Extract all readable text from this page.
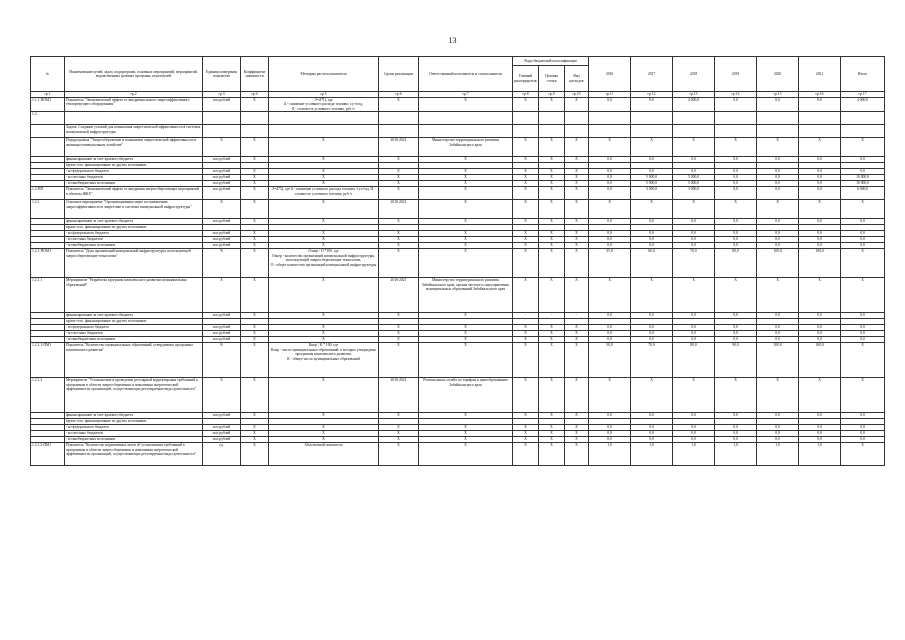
13
№	Наименование целей, задач, подпрограмм, основных мероприятий, мероприятий, ведомственных целевых программ, показателей	Единица измерения показателя	Коэффициент значимости	Методика расчета показателя	Сроки реализации	Ответственный исполнитель и соисполнители	Коды бюджетной классификации			2016	2017	2018	2019	2020	2021	Итого
							Главный распорядитель	Целевая статья	Вид расходов							
гр.1	гр.2	гр.3	гр.4	гр.5	гр.6	гр.7	гр.8	гр.9	гр.10	гр.11	гр.12	гр.13	гр.14	гр.15	гр.16	гр.17
1.1.1-ПОМ1	Показатель "Экономический эффект от внедрения нового энергоэффективного теплорежущего оборудования"	тыс.рублей	Х	Э=Δ*Ц, где
Δ - снижение условного расхода топлива, т.у.т/год,
Ц - стоимость условного топлива, руб./т.	Х	Х	Х	Х	Х	0,0	0,0	4 000,0	0,0	0,0	0,0	4 000,0
1.2.																
	Задача: Создание условий для повышения энергетической эффективности в системах коммунальной инфраструктуры															
	Подпрограмма "Энергосбережение и повышение энергетической эффективности в жилищно-коммунальном хозяйстве"	Х	Х	Х	2016-2021	Министерство территориального развития Забайкальского края	Х	Х	Х	Х	Х	Х	Х	Х	Х	Х
	финансирование за счет краевого бюджета	тыс.рублей	Х	Х	Х	Х	Х	Х	Х	0,0	0,0	0,0	0,0	0,0	0,0	0,0
	кроме того, финансирование из других источников:															
	- из федерального бюджета	тыс.рублей	Х	Х	Х	Х	Х	Х	Х	0,0	0,0	0,0	0,0	0,0	0,0	0,0
	- из местных бюджетов	тыс.рублей	Х	Х	Х	Х	Х	Х	Х	0,0	5 000,0	5 000,0	0,0	0,0	0,0	10 000,0
	- из внебюджетных источников	тыс.рублей	Х	Х	Х	Х	Х	Х	Х	0,0	5 000,0	5 000,0	0,0	0,0	0,0	10 000,0
1.2-ПП	Показатель "Экономический эффект от внедрения энергосберегающих мероприятий в объекты ЖКХ"	тыс.рублей	Х	Э=Δ*Ц, где Δ - снижение условного расхода топлива, т.у.т/год, Ц - стоимость условного топлива, руб./т	Х	Х	Х	Х	Х	0,0	3 000,0	3 000,0	0,0	0,0	0,0	6 000,0
1.2.1	Основное мероприятие "Организационные меры по повышению энергоэффективности в энергетике и системах коммунальной инфраструктуры"	Х	Х	Х	2016-2021	Х	Х	Х	Х	Х	Х	Х	Х	Х	Х	Х
	финансирование за счет краевого бюджета	тыс.рублей	Х	Х	Х	Х	Х	Х	Х	0,0	0,0	0,0	0,0	0,0	0,0	0,0
	кроме того, финансирование из других источников:															
	- из федерального бюджета	тыс.рублей	Х	Х	Х	Х	Х	Х	Х	0,0	0,0	0,0	0,0	0,0	0,0	0,0
	- из местных бюджетов	тыс.рублей	Х	Х	Х	Х	Х	Х	Х	0,0	0,0	0,0	0,0	0,0	0,0	0,0
	- из внебюджетных источников	тыс.рублей	Х	Х	Х	Х	Х	Х	Х	0,0	0,0	0,0	0,0	0,0	0,0	0,0
1.2.1-ПОМ1	Показатель "Доля организаций коммунальной инфраструктуры, использующей энергосберегающие технологии"	%	Х	Оэнер / О *100, где
Оэнер - количество организаций коммунальной инфраструктуры, использующей энергосберегающие технологии,
О - общее количество организаций коммунальной инфраструктуры	Х	Х	Х	Х	Х	35,0	60,0	70,0	80,0	100,0	100,0	Х
1.2.1.1	Мероприятие "Разработка программ комплексного развития муниципальных образований"	Х	Х	Х	2016-2021	Министерство территориального развития Забайкальского края, органы местного самоуправления муниципальных образований Забайкальского края	Х	Х	Х	Х	Х	Х	Х	Х	Х	Х
	финансирование за счет краевого бюджета	тыс.рублей	Х	Х	Х	Х	-	-	-	0,0	0,0	0,0	0,0	0,0	0,0	0,0
	кроме того, финансирование из других источников:															
	- из федерального бюджета	тыс.рублей	Х	Х	Х	Х	Х	Х	Х	0,0	0,0	0,0	0,0	0,0	0,0	0,0
	- из местных бюджетов	тыс.рублей	Х	Х	Х	Х	Х	Х	Х	0,0	0,0	0,0	0,0	0,0	0,0	0,0
	- из внебюджетных источников	тыс.рублей	Х	Х	Х	Х	Х	Х	Х	0,0	0,0	0,0	0,0	0,0	0,0	0,0
1.2.1.1-ПМ1	Показатель "Количество муниципальных образований, утвердивших программы комплексного развития"	%	Х	Кпкр / К * 100, где
Кпкр - число муниципальных образований, в которых утверждены программы комплексного развития,
К - общее число муниципальных образований	Х	Х	Х	Х	Х	50,0	70,0	80,0	90,0	100,0	100,0	Х
1.2.1.2	Мероприятие "Установление и проведение регулярной корректировки требований к программам в области энергосбережения и повышения энергетической эффективности организаций, осуществляющих регулируемые виды деятельности"	Х	Х	Х	2016-2021	Региональная служба по тарифам и ценообразованию Забайкальского края	Х	Х	Х	Х	Х	Х	Х	Х	Х	Х
	финансирование за счет краевого бюджета	тыс.рублей	Х	Х	Х	Х	Х	Х	Х	0,0	0,0	0,0	0,0	0,0	0,0	0,0
	кроме того, финансирование из других источников:															
	- из федерального бюджета	тыс.рублей	Х	Х	Х	Х	Х	Х	Х	0,0	0,0	0,0	0,0	0,0	0,0	0,0
	- из местных бюджетов	тыс.рублей	Х	Х	Х	Х	Х	Х	Х	0,0	0,0	0,0	0,0	0,0	0,0	0,0
	- из внебюджетных источников	тыс.рублей	Х	Х	Х	Х	Х	Х	Х	0,0	0,0	0,0	0,0	0,0	0,0	0,0
1.2.1.2-ПМ1	Показатель "Количество нормативных актов об установлении требований к программам в области энергосбережения и повышения энергетической эффективности организаций, осуществляющих регулируемые виды деятельности"	ед.	Х	Абсолютный показатель	Х	Х	Х	Х	Х	1,0	1,0	1,0	1,0	1,0	1,0	Х
